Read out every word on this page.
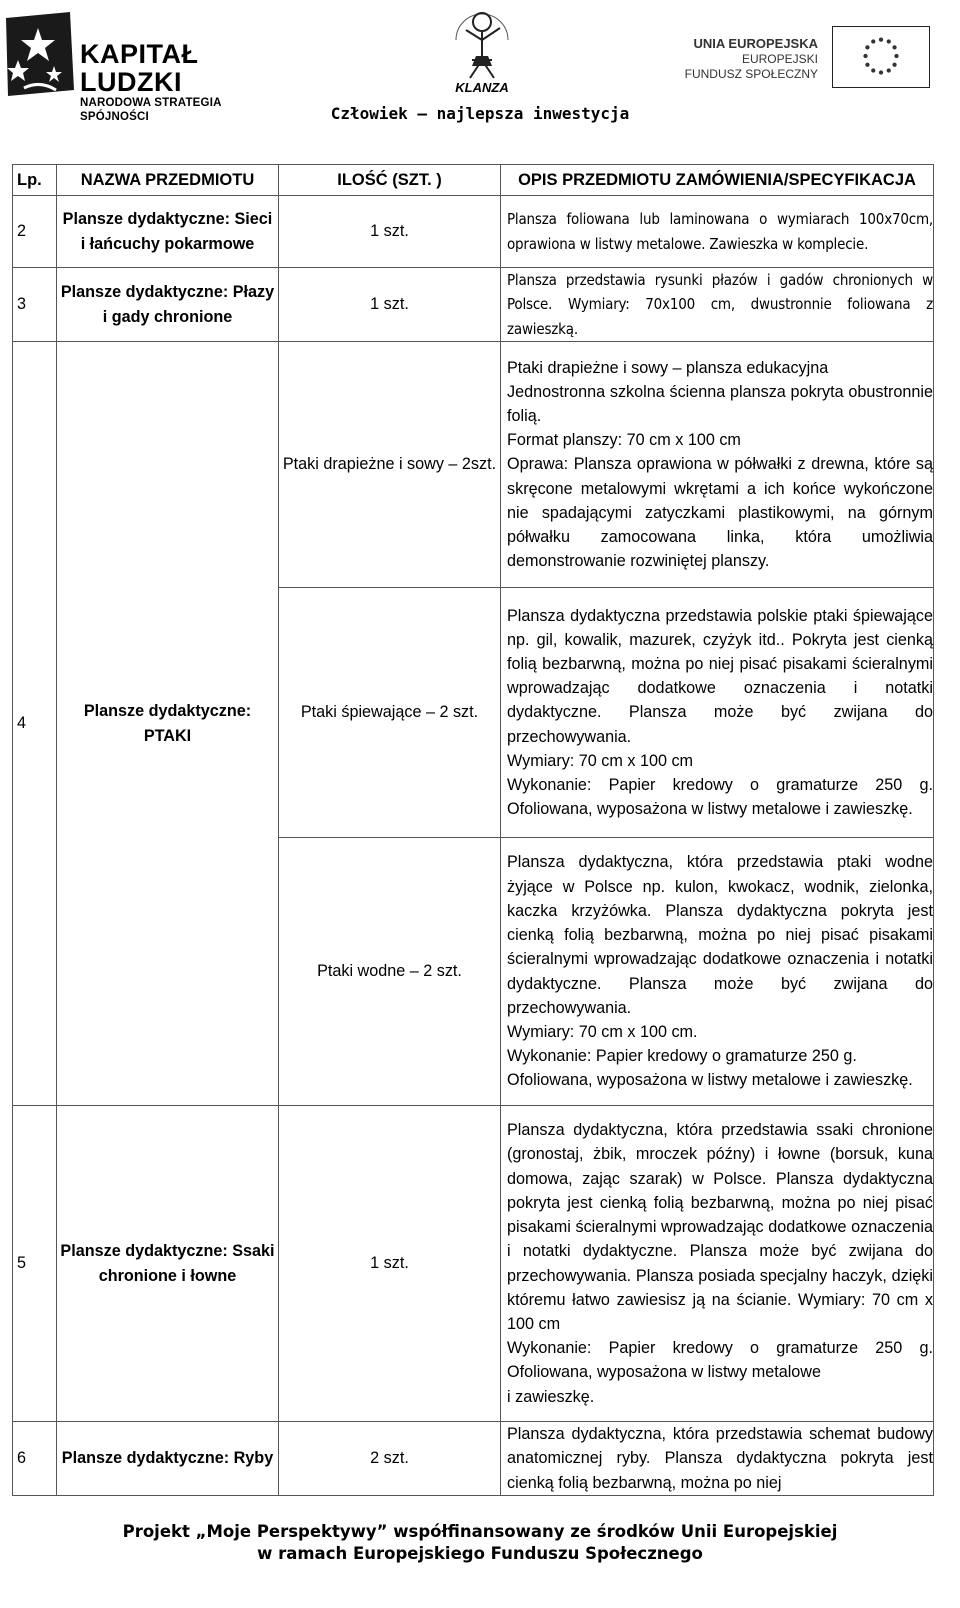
KAPITAŁ LUDZKI
NARODOWA STRATEGIA SPÓJNOŚCI
KLANZA
UNIA EUROPEJSKA
EUROPEJSKI
FUNDUSZ SPOŁECZNY
Człowiek – najlepsza inwestycja
Lp.	NAZWA PRZEDMIOTU	ILOŚĆ (SZT. )	OPIS PRZEDMIOTU ZAMÓWIENIA/SPECYFIKACJA
2	Plansze dydaktyczne: Sieci i łańcuchy pokarmowe	1 szt.	Plansza foliowana lub laminowana o wymiarach 100x70cm, oprawiona w listwy metalowe. Zawieszka w komplecie.
3	Plansze dydaktyczne: Płazy i gady chronione	1 szt.	Plansza przedstawia rysunki płazów i gadów chronionych w Polsce. Wymiary: 70x100 cm, dwustronnie foliowana z zawieszką.
4	Plansze dydaktyczne: PTAKI	Ptaki drapieżne i sowy – 2szt.	Ptaki drapieżne i sowy – plansza edukacyjna
Jednostronna szkolna ścienna plansza pokryta obustronnie folią.
Format planszy: 70 cm x 100 cm
Oprawa: Plansza oprawiona w półwałki z drewna, które są skręcone metalowymi wkrętami a ich końce wykończone nie spadającymi zatyczkami plastikowymi, na górnym półwałku zamocowana linka, która umożliwia demonstrowanie rozwiniętej planszy.

		Ptaki śpiewające – 2 szt.	Plansza dydaktyczna przedstawia polskie ptaki śpiewające np. gil, kowalik, mazurek, czyżyk itd.. Pokryta jest cienką folią bezbarwną, można po niej pisać pisakami ścieralnymi wprowadzając dodatkowe oznaczenia i notatki dydaktyczne. Plansza może być zwijana do przechowywania.
Wymiary: 70 cm x 100 cm
Wykonanie: Papier kredowy o gramaturze 250 g. Ofoliowana, wyposażona w listwy metalowe i zawieszkę.

		Ptaki wodne – 2 szt.	Plansza dydaktyczna, która przedstawia ptaki wodne żyjące w Polsce np. kulon, kwokacz, wodnik, zielonka, kaczka krzyżówka. Plansza dydaktyczna pokryta jest cienką folią bezbarwną, można po niej pisać pisakami ścieralnymi wprowadzając dodatkowe oznaczenia i notatki dydaktyczne. Plansza może być zwijana do przechowywania.
Wymiary: 70 cm x 100 cm.
Wykonanie: Papier kredowy o gramaturze 250 g.
Ofoliowana, wyposażona w listwy metalowe i zawieszkę.

5	Plansze dydaktyczne: Ssaki chronione i łowne	1 szt.	Plansza dydaktyczna, która przedstawia ssaki chronione (gronostaj, żbik, mroczek późny) i łowne (borsuk, kuna domowa, zając szarak) w Polsce. Plansza dydaktyczna pokryta jest cienką folią bezbarwną, można po niej pisać pisakami ścieralnymi wprowadzając dodatkowe oznaczenia i notatki dydaktyczne. Plansza może być zwijana do przechowywania. Plansza posiada specjalny haczyk, dzięki któremu łatwo zawiesisz ją na ścianie. Wymiary: 70 cm x 100 cm
Wykonanie: Papier kredowy o gramaturze 250 g. Ofoliowana, wyposażona w listwy metalowe
i zawieszkę.

6	Plansze dydaktyczne: Ryby	2 szt.	Plansza dydaktyczna, która przedstawia schemat budowy anatomicznej ryby. Plansza dydaktyczna pokryta jest cienką folią bezbarwną, można po niej
Projekt „Moje Perspektywy” współfinansowany ze środków Unii Europejskiej
w ramach Europejskiego Funduszu Społecznego
